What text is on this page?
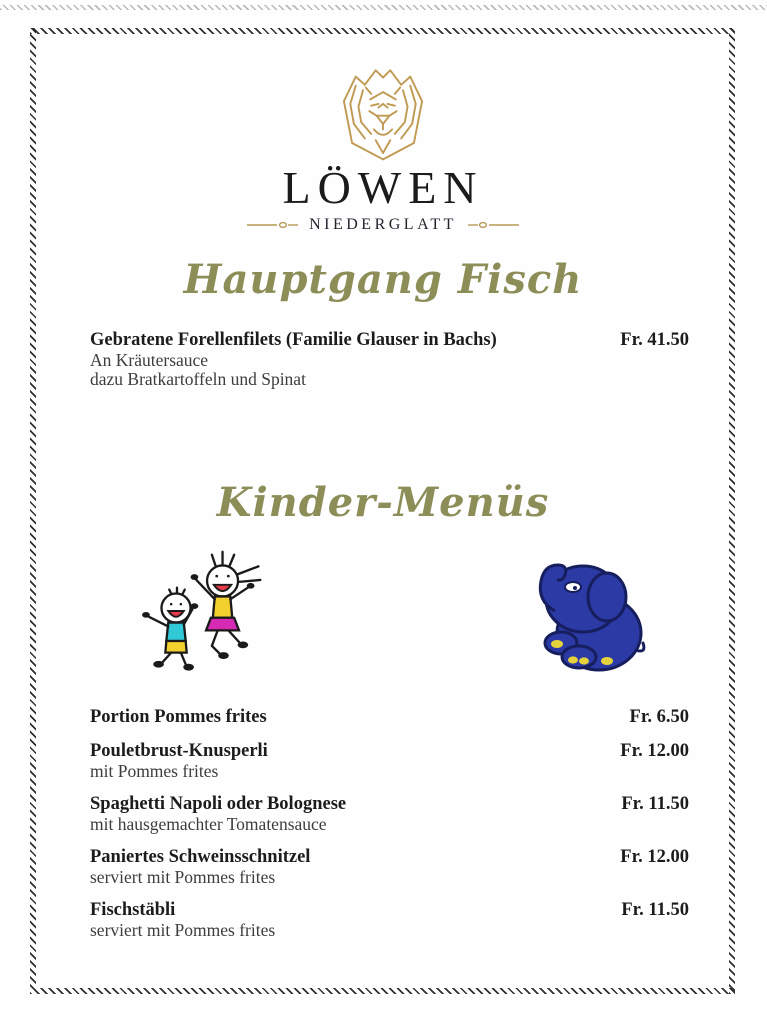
LÖWEN
NIEDERGLATT
Hauptgang Fisch
Gebratene Forellenfilets (Familie Glauser in Bachs)	Fr. 41.50
An Kräutersauce
dazu Bratkartoffeln und Spinat
Kinder-Menüs
Portion Pommes frites	Fr. 6.50
Pouletbrust-Knusperli	Fr. 12.00
mit Pommes frites
Spaghetti Napoli oder Bolognese	Fr. 11.50
mit hausgemachter Tomatensauce
Paniertes Schweinsschnitzel	Fr. 12.00
serviert mit Pommes frites
Fischstäbli	Fr. 11.50
serviert mit Pommes frites
